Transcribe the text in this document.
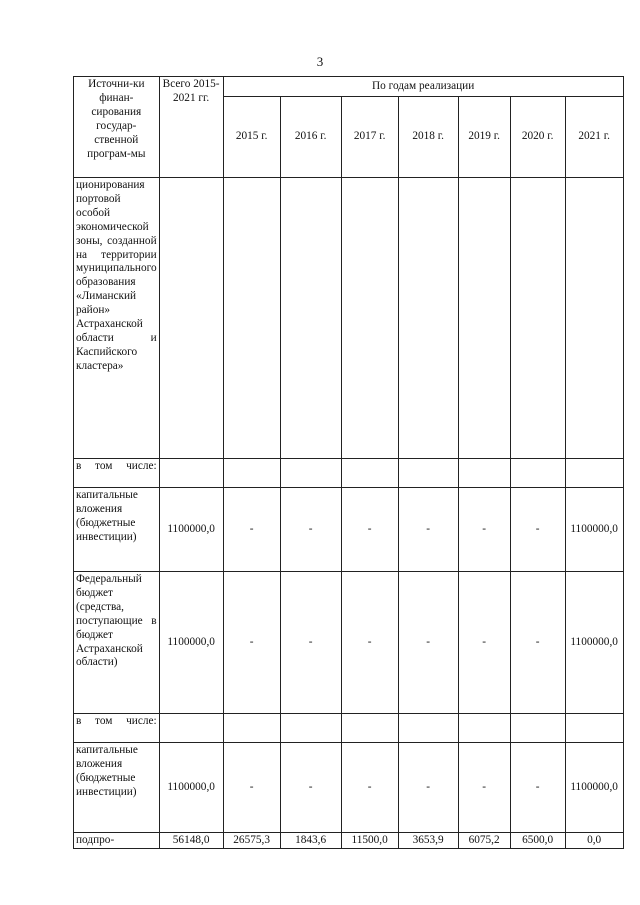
3
Источни-ки финан-сирования государ-ственной програм-мы	Всего 2015-2021 гг.	По годам реализации						
		2015 г.	2016 г.	2017 г.	2018 г.	2019 г.	2020 г.	2021 г.
ционирования портовой особой экономической зоны, созданной на территории муниципального образования «Лиманский район» Астраханской области и Каспийского кластера»								
в том числе:								
капитальные вложения (бюджетные инвестиции)	1100000,0	-	-	-	-	-	-	1100000,0
Федеральный бюджет (средства, поступающие в бюджет Астраханской области)	1100000,0	-	-	-	-	-	-	1100000,0
в том числе:								
капитальные вложения (бюджетные инвестиции)	1100000,0	-	-	-	-	-	-	1100000,0
подпро-	56148,0	26575,3	1843,6	11500,0	3653,9	6075,2	6500,0	0,0
